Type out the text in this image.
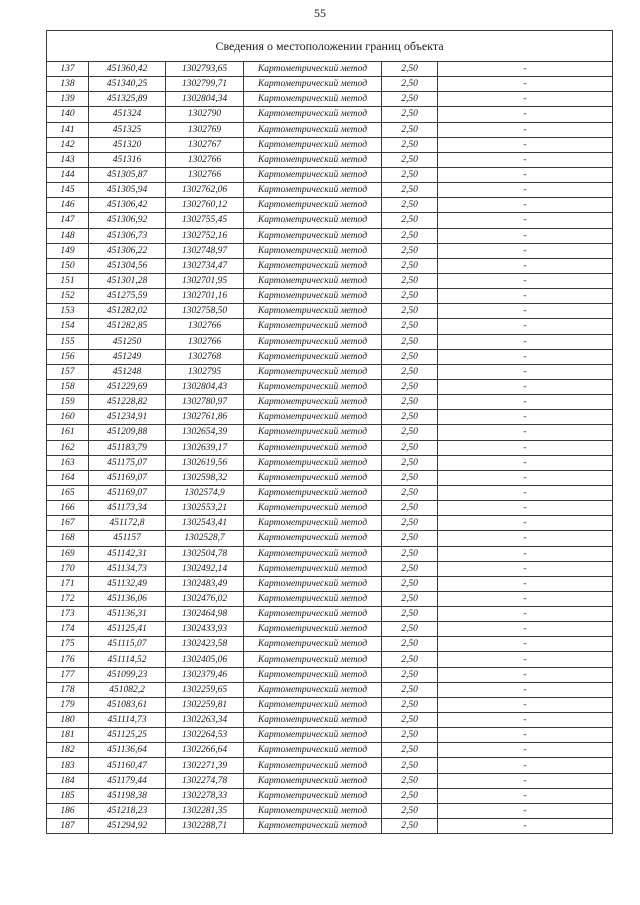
55
Сведения о местоположении границ объекта					
137	451360,42	1302793,65	Картометрический метод	2,50	-
138	451340,25	1302799,71	Картометрический метод	2,50	-
139	451325,89	1302804,34	Картометрический метод	2,50	-
140	451324	1302790	Картометрический метод	2,50	-
141	451325	1302769	Картометрический метод	2,50	-
142	451320	1302767	Картометрический метод	2,50	-
143	451316	1302766	Картометрический метод	2,50	-
144	451305,87	1302766	Картометрический метод	2,50	-
145	451305,94	1302762,06	Картометрический метод	2,50	-
146	451306,42	1302760,12	Картометрический метод	2,50	-
147	451306,92	1302755,45	Картометрический метод	2,50	-
148	451306,73	1302752,16	Картометрический метод	2,50	-
149	451306,22	1302748,97	Картометрический метод	2,50	-
150	451304,56	1302734,47	Картометрический метод	2,50	-
151	451301,28	1302701,95	Картометрический метод	2,50	-
152	451275,59	1302701,16	Картометрический метод	2,50	-
153	451282,02	1302758,50	Картометрический метод	2,50	-
154	451282,85	1302766	Картометрический метод	2,50	-
155	451250	1302766	Картометрический метод	2,50	-
156	451249	1302768	Картометрический метод	2,50	-
157	451248	1302795	Картометрический метод	2,50	-
158	451229,69	1302804,43	Картометрический метод	2,50	-
159	451228,82	1302780,97	Картометрический метод	2,50	-
160	451234,91	1302761,86	Картометрический метод	2,50	-
161	451209,88	1302654,39	Картометрический метод	2,50	-
162	451183,79	1302639,17	Картометрический метод	2,50	-
163	451175,07	1302619,56	Картометрический метод	2,50	-
164	451169,07	1302598,32	Картометрический метод	2,50	-
165	451169,07	1302574,9	Картометрический метод	2,50	-
166	451173,34	1302553,21	Картометрический метод	2,50	-
167	451172,8	1302543,41	Картометрический метод	2,50	-
168	451157	1302528,7	Картометрический метод	2,50	-
169	451142,31	1302504,78	Картометрический метод	2,50	-
170	451134,73	1302492,14	Картометрический метод	2,50	-
171	451132,49	1302483,49	Картометрический метод	2,50	-
172	451136,06	1302476,02	Картометрический метод	2,50	-
173	451136,31	1302464,98	Картометрический метод	2,50	-
174	451125,41	1302433,93	Картометрический метод	2,50	-
175	451115,07	1302423,58	Картометрический метод	2,50	-
176	451114,52	1302405,06	Картометрический метод	2,50	-
177	451099,23	1302379,46	Картометрический метод	2,50	-
178	451082,2	1302259,65	Картометрический метод	2,50	-
179	451083,61	1302259,81	Картометрический метод	2,50	-
180	451114,73	1302263,34	Картометрический метод	2,50	-
181	451125,25	1302264,53	Картометрический метод	2,50	-
182	451136,64	1302266,64	Картометрический метод	2,50	-
183	451160,47	1302271,39	Картометрический метод	2,50	-
184	451179,44	1302274,78	Картометрический метод	2,50	-
185	451198,38	1302278,33	Картометрический метод	2,50	-
186	451218,23	1302281,35	Картометрический метод	2,50	-
187	451294,92	1302288,71	Картометрический метод	2,50	-
